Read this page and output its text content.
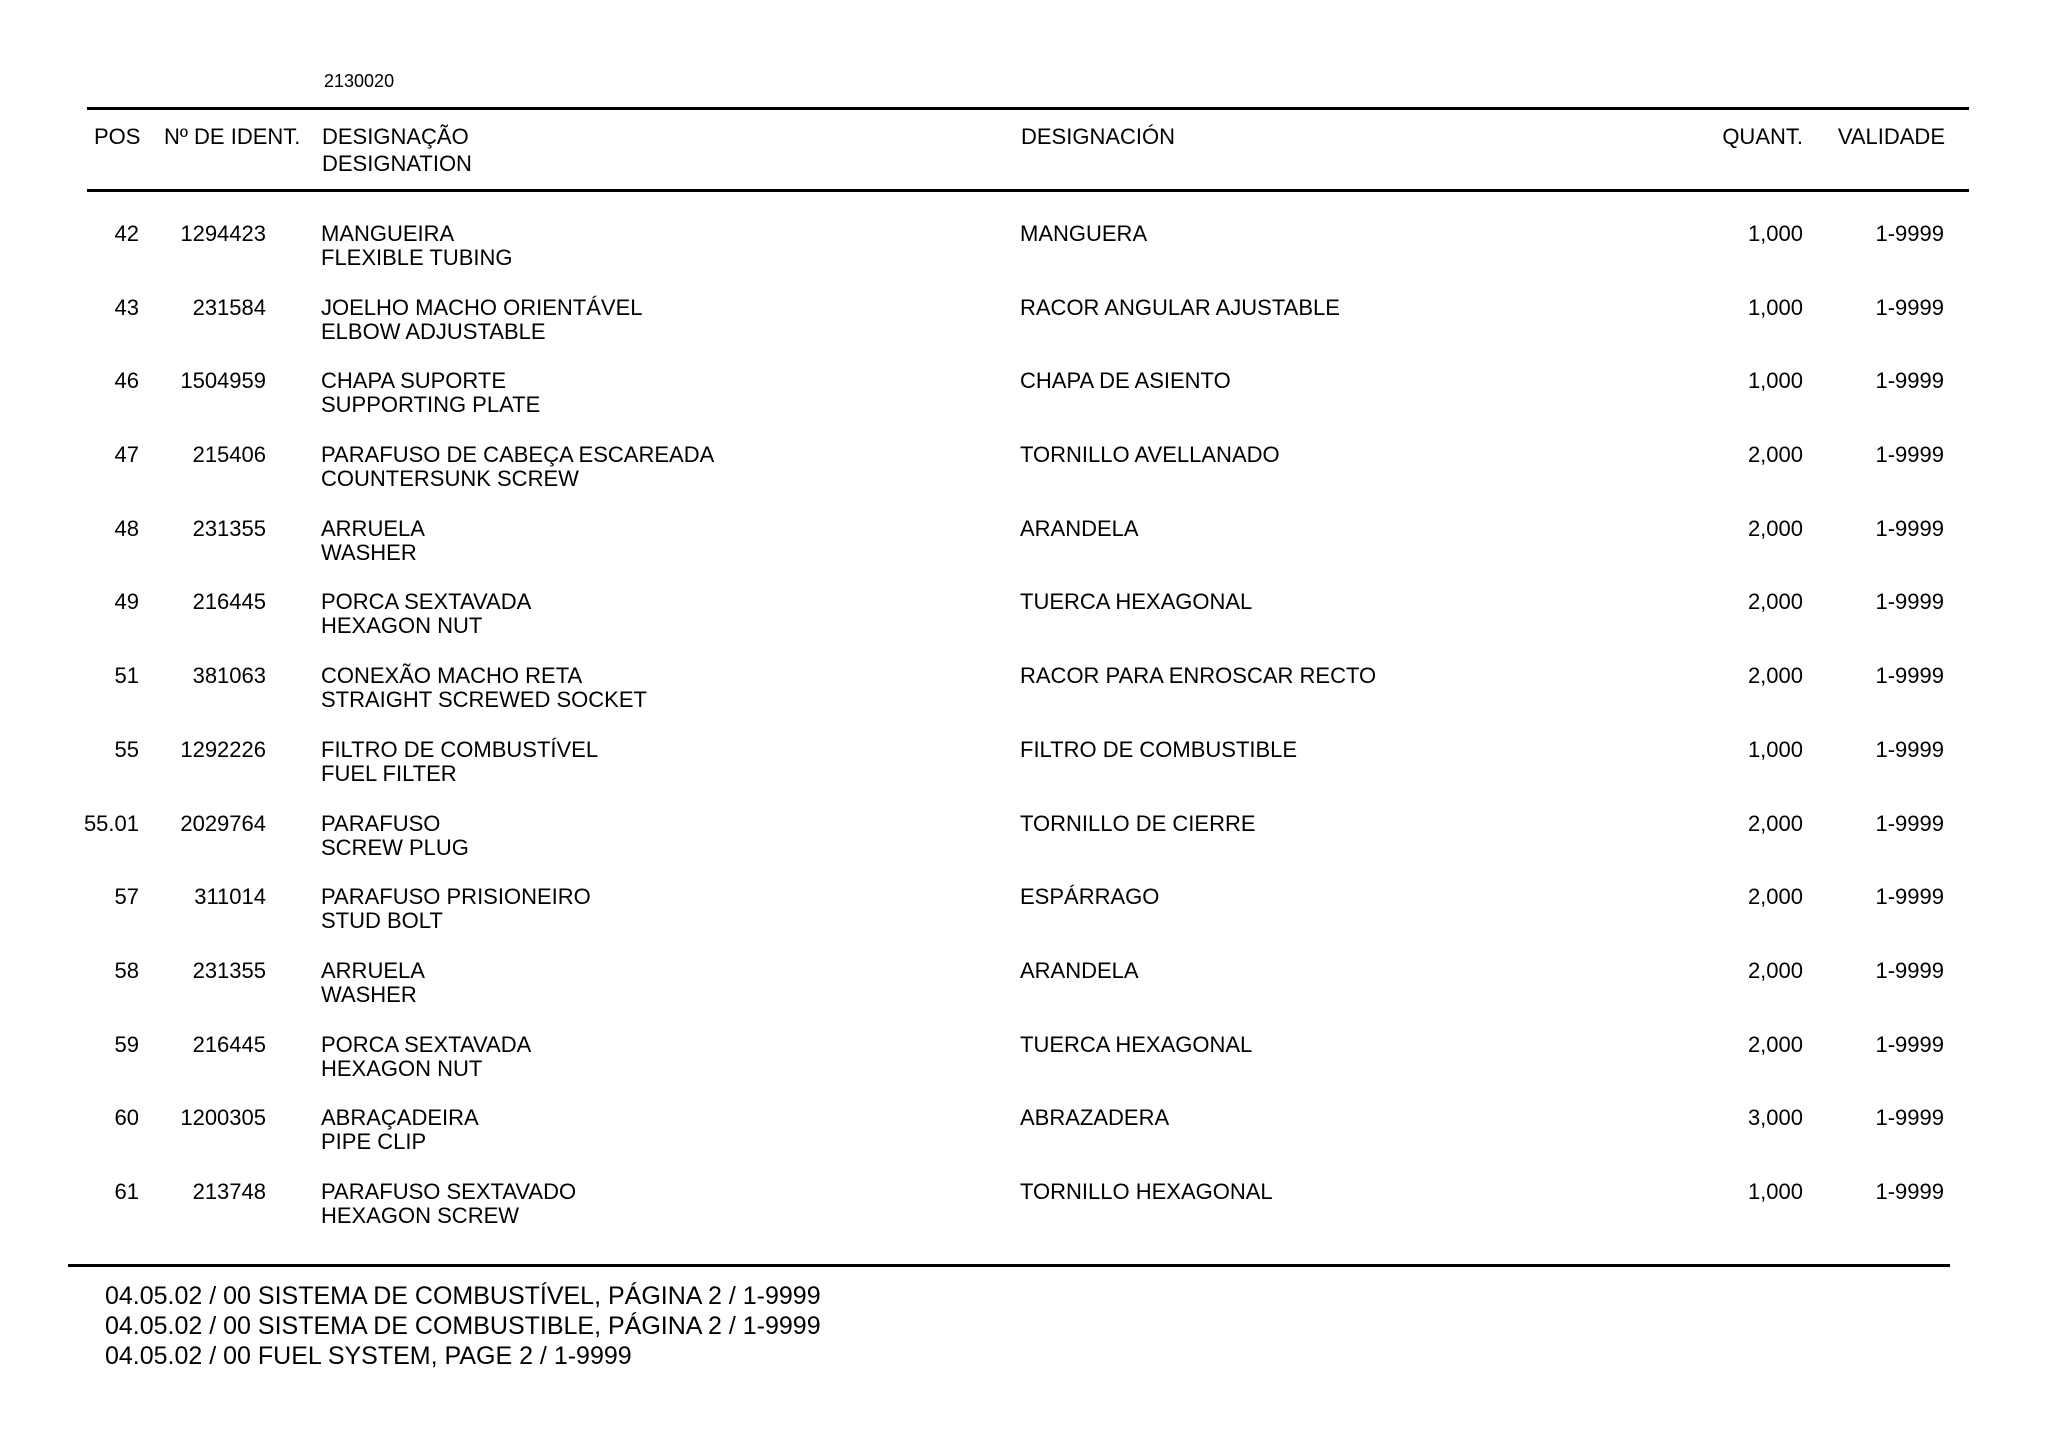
2130020
POS Nº DE IDENT. DESIGNAÇÃO
DESIGNATION
DESIGNACIÓN	QUANT. VALIDADE
42 1294423	MANGUEIRA
FLEXIBLE TUBING
MANGUERA	1,000	1-9999
43 231584	JOELHO MACHO ORIENTÁVEL
ELBOW ADJUSTABLE
RACOR ANGULAR AJUSTABLE	1,000	1-9999
46 1504959	CHAPA SUPORTE
SUPPORTING PLATE
CHAPA DE ASIENTO	1,000	1-9999
47 215406	PARAFUSO DE CABEÇA ESCAREADA
COUNTERSUNK SCREW
TORNILLO AVELLANADO	2,000	1-9999
48 231355	ARRUELA
WASHER
ARANDELA	2,000	1-9999
49 216445	PORCA SEXTAVADA
HEXAGON NUT
TUERCA HEXAGONAL	2,000	1-9999
51 381063	CONEXÃO MACHO RETA
STRAIGHT SCREWED SOCKET
RACOR PARA ENROSCAR RECTO	2,000	1-9999
55 1292226	FILTRO DE COMBUSTÍVEL
FUEL FILTER
FILTRO DE COMBUSTIBLE	1,000	1-9999
55.01 2029764	PARAFUSO
SCREW PLUG
TORNILLO DE CIERRE	2,000	1-9999
57	311014	PARAFUSO PRISIONEIRO
STUD BOLT
ESPÁRRAGO	2,000	1-9999
58 231355	ARRUELA
WASHER
ARANDELA	2,000	1-9999
59 216445	PORCA SEXTAVADA
HEXAGON NUT
TUERCA HEXAGONAL	2,000	1-9999
60 1200305	ABRAÇADEIRA
PIPE CLIP
ABRAZADERA	3,000	1-9999
61 213748	PARAFUSO SEXTAVADO
HEXAGON SCREW
TORNILLO HEXAGONAL	1,000	1-9999
04.05.02 / 00 SISTEMA DE COMBUSTÍVEL, PÁGINA 2 / 1-9999
04.05.02 / 00 SISTEMA DE COMBUSTIBLE, PÁGINA 2 / 1-9999
04.05.02 / 00 FUEL SYSTEM, PAGE 2 / 1-9999
